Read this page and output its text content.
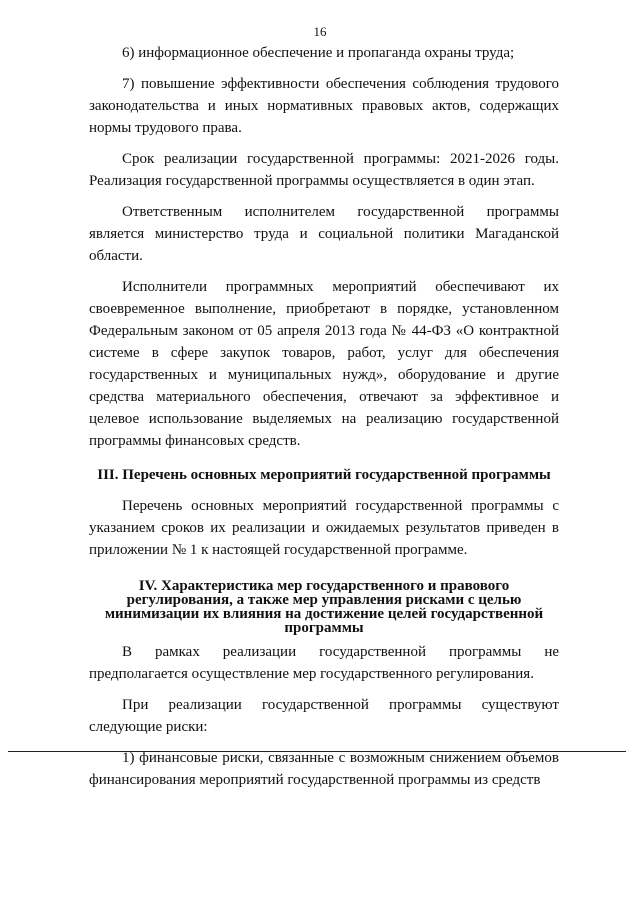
16

6) информационное обеспечение и пропаганда охраны труда;

7) повышение эффективности обеспечения соблюдения трудового законодательства и иных нормативных правовых актов, содержащих нормы трудового права.

Срок реализации государственной программы: 2021-2026 годы. Реализация государственной программы осуществляется в один этап.

Ответственным исполнителем государственной программы является министерство труда и социальной политики Магаданской области.

Исполнители программных мероприятий обеспечивают их своевременное выполнение, приобретают в порядке, установленном Федеральным законом от 05 апреля 2013 года № 44-ФЗ «О контрактной системе в сфере закупок товаров, работ, услуг для обеспечения государственных и муниципальных нужд», оборудование и другие средства материального обеспечения, отвечают за эффективное и целевое использование выделяемых на реализацию государственной программы финансовых средств.

III. Перечень основных мероприятий государственной программы

Перечень основных мероприятий государственной программы с указанием сроков их реализации и ожидаемых результатов приведен в приложении № 1 к настоящей государственной программе.

IV. Характеристика мер государственного и правового регулирования, а также мер управления рисками с целью минимизации их влияния на достижение целей государственной программы

В рамках реализации государственной программы не предполагается осуществление мер государственного регулирования.

При реализации государственной программы существуют следующие риски:

1) финансовые риски, связанные с возможным снижением объемов финансирования мероприятий государственной программы из средств
